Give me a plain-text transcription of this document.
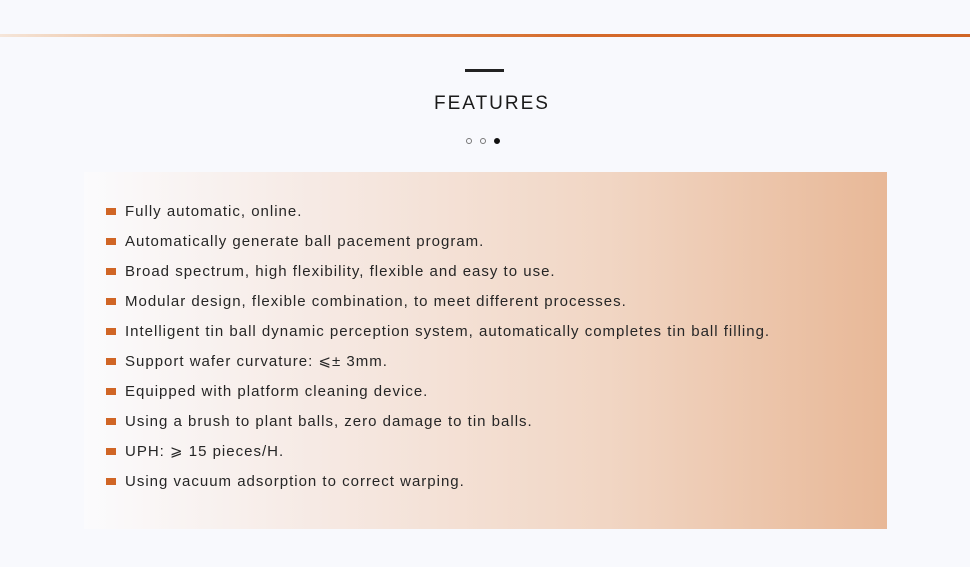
FEATURES
Fully automatic, online.
Automatically generate ball pacement program.
Broad spectrum, high flexibility, flexible and easy to use.
Modular design, flexible combination, to meet different processes.
Intelligent tin ball dynamic perception system, automatically completes tin ball filling.
Support wafer curvature: ⩽± 3mm.
Equipped with platform cleaning device.
Using a brush to plant balls, zero damage to tin balls.
UPH: ⩾ 15 pieces/H.
Using vacuum adsorption to correct warping.
